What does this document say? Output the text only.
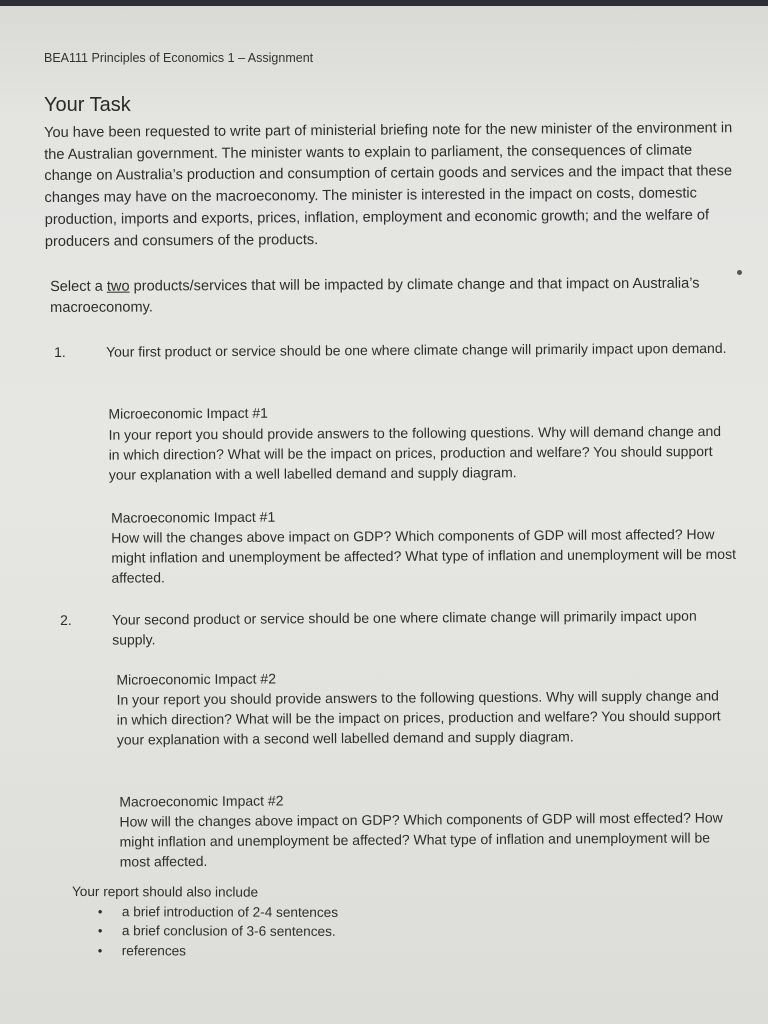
BEA111 Principles of Economics 1 – Assignment
Your Task

You have been requested to write part of ministerial briefing note for the new minister of the environment in the Australian government. The minister wants to explain to parliament, the consequences of climate change on Australia’s production and consumption of certain goods and services and the impact that these changes may have on the macroeconomy. The minister is interested in the impact on costs, domestic production, imports and exports, prices, inflation, employment and economic growth; and the welfare of producers and consumers of the products.

Select a two products/services that will be impacted by climate change and that impact on Australia’s macroeconomy.

1.	Your first product or service should be one where climate change will primarily impact upon demand.

Microeconomic Impact #1

In your report you should provide answers to the following questions. Why will demand change and in which direction? What will be the impact on prices, production and welfare? You should support your explanation with a well labelled demand and supply diagram.

Macroeconomic Impact #1

How will the changes above impact on GDP? Which components of GDP will most affected? How might inflation and unemployment be affected? What type of inflation and unemployment will be most affected.

2.	Your second product or service should be one where climate change will primarily impact upon supply.

Microeconomic Impact #2

In your report you should provide answers to the following questions. Why will supply change and in which direction? What will be the impact on prices, production and welfare? You should support your explanation with a second well labelled demand and supply diagram.

Macroeconomic Impact #2

How will the changes above impact on GDP? Which components of GDP will most effected? How might inflation and unemployment be affected? What type of inflation and unemployment will be most affected.

Your report should also include
• a brief introduction of 2-4 sentences
• a brief conclusion of 3-6 sentences.
• references
